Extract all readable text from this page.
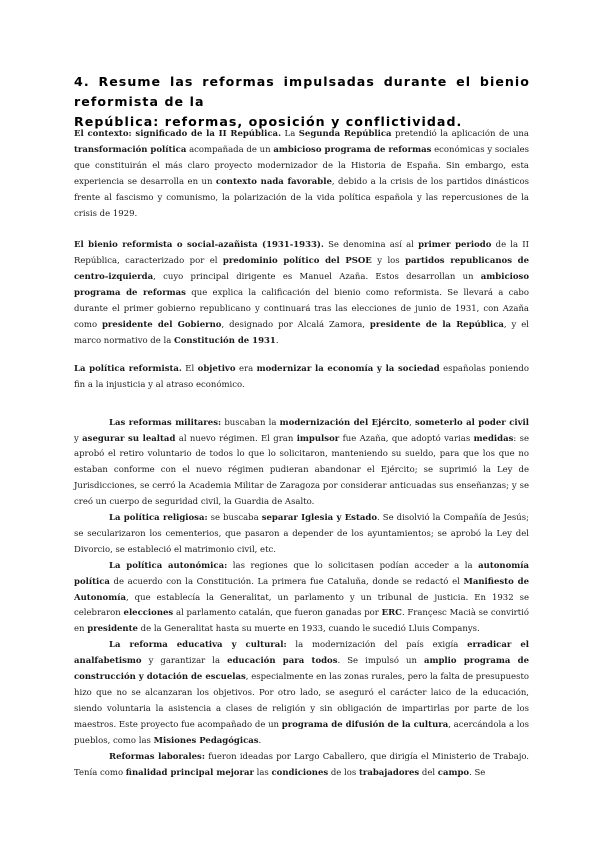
4. Resume las reformas impulsadas durante el bienio reformista de la
República: reformas, oposición y conflictividad.

El contexto: significado de la II República. La Segunda República pretendió la aplicación de una transformación política acompañada de un ambicioso programa de reformas económicas y sociales que constituirán el más claro proyecto modernizador de la Historia de España. Sin embargo, esta experiencia se desarrolla en un contexto nada favorable, debido a la crisis de los partidos dinásticos frente al fascismo y comunismo, la polarización de la vida política española y las repercusiones de la crisis de 1929.

El bienio reformista o social-azañista (1931-1933). Se denomina así al primer periodo de la II República, caracterizado por el predominio político del PSOE y los partidos republicanos de centro-izquierda, cuyo principal dirigente es Manuel Azaña. Estos desarrollan un ambicioso programa de reformas que explica la calificación del bienio como reformista. Se llevará a cabo durante el primer gobierno republicano y continuará tras las elecciones de junio de 1931, con Azaña como presidente del Gobierno, designado por Alcalá Zamora, presidente de la República, y el marco normativo de la Constitución de 1931.

La política reformista. El objetivo era modernizar la economía y la sociedad españolas poniendo fin a la injusticia y al atraso económico.

Las reformas militares: buscaban la modernización del Ejército, someterlo al poder civil y asegurar su lealtad al nuevo régimen. El gran impulsor fue Azaña, que adoptó varias medidas: se aprobó el retiro voluntario de todos lo que lo solicitaron, manteniendo su sueldo, para que los que no estaban conforme con el nuevo régimen pudieran abandonar el Ejército; se suprimió la Ley de Jurisdicciones, se cerró la Academia Militar de Zaragoza por considerar anticuadas sus enseñanzas; y se creó un cuerpo de seguridad civil, la Guardia de Asalto.

La política religiosa: se buscaba separar Iglesia y Estado. Se disolvió la Compañía de Jesús; se secularizaron los cementerios, que pasaron a depender de los ayuntamientos; se aprobó la Ley del Divorcio, se estableció el matrimonio civil, etc.

La política autonómica: las regiones que lo solicitasen podían acceder a la autonomía política de acuerdo con la Constitución. La primera fue Cataluña, donde se redactó el Manifiesto de Autonomía, que establecía la Generalitat, un parlamento y un tribunal de justicia. En 1932 se celebraron elecciones al parlamento catalán, que fueron ganadas por ERC. Françesc Macià se convirtió en presidente de la Generalitat hasta su muerte en 1933, cuando le sucedió Lluis Companys.

La reforma educativa y cultural: la modernización del país exigía erradicar el analfabetismo y garantizar la educación para todos. Se impulsó un amplio programa de construcción y dotación de escuelas, especialmente en las zonas rurales, pero la falta de presupuesto hizo que no se alcanzaran los objetivos. Por otro lado, se aseguró el carácter laico de la educación, siendo voluntaria la asistencia a clases de religión y sin obligación de impartirlas por parte de los maestros. Este proyecto fue acompañado de un programa de difusión de la cultura, acercándola a los pueblos, como las Misiones Pedagógicas.

Reformas laborales: fueron ideadas por Largo Caballero, que dirigía el Ministerio de Trabajo. Tenía como finalidad principal mejorar las condiciones de los trabajadores del campo. Se
